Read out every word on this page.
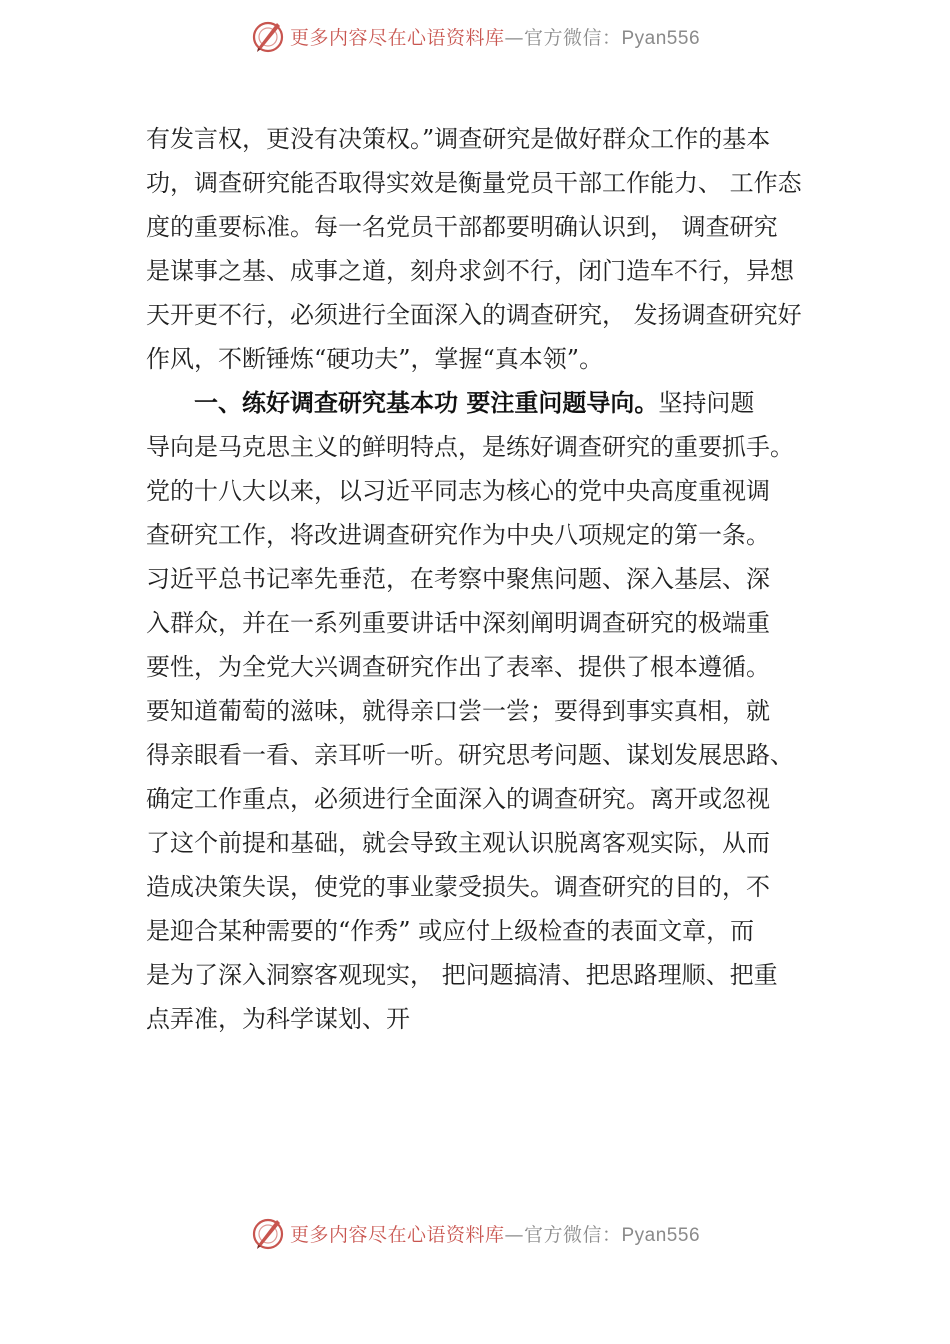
更多内容尽在心语资料库—官方微信：Pyan556
有发言权，更没有决策权。”调查研究是做好群众工作的基本
功，调查研究能否取得实效是衡量党员干部工作能力、 工作态
度的重要标准。每一名党员干部都要明确认识到， 调查研究
是谋事之基、成事之道，刻舟求剑不行，闭门造车不行，异想
天开更不行，必须进行全面深入的调查研究， 发扬调查研究好
作风，不断锤炼“硬功夫”，掌握“真本领”。
一、练好调查研究基本功 要注重问题导向。坚持问题
导向是马克思主义的鲜明特点，是练好调查研究的重要抓手。
党的十八大以来，以习近平同志为核心的党中央高度重视调
查研究工作，将改进调查研究作为中央八项规定的第一条。
习近平总书记率先垂范，在考察中聚焦问题、深入基层、深
入群众，并在一系列重要讲话中深刻阐明调查研究的极端重
要性，为全党大兴调查研究作出了表率、提供了根本遵循。
要知道葡萄的滋味，就得亲口尝一尝；要得到事实真相，就
得亲眼看一看、亲耳听一听。研究思考问题、谋划发展思路、
确定工作重点，必须进行全面深入的调查研究。离开或忽视
了这个前提和基础，就会导致主观认识脱离客观实际，从而
造成决策失误，使党的事业蒙受损失。调查研究的目的，不
是迎合某种需要的“作秀” 或应付上级检查的表面文章，而
是为了深入洞察客观现实， 把问题搞清、把思路理顺、把重
点弄准，为科学谋划、开
更多内容尽在心语资料库—官方微信：Pyan556
